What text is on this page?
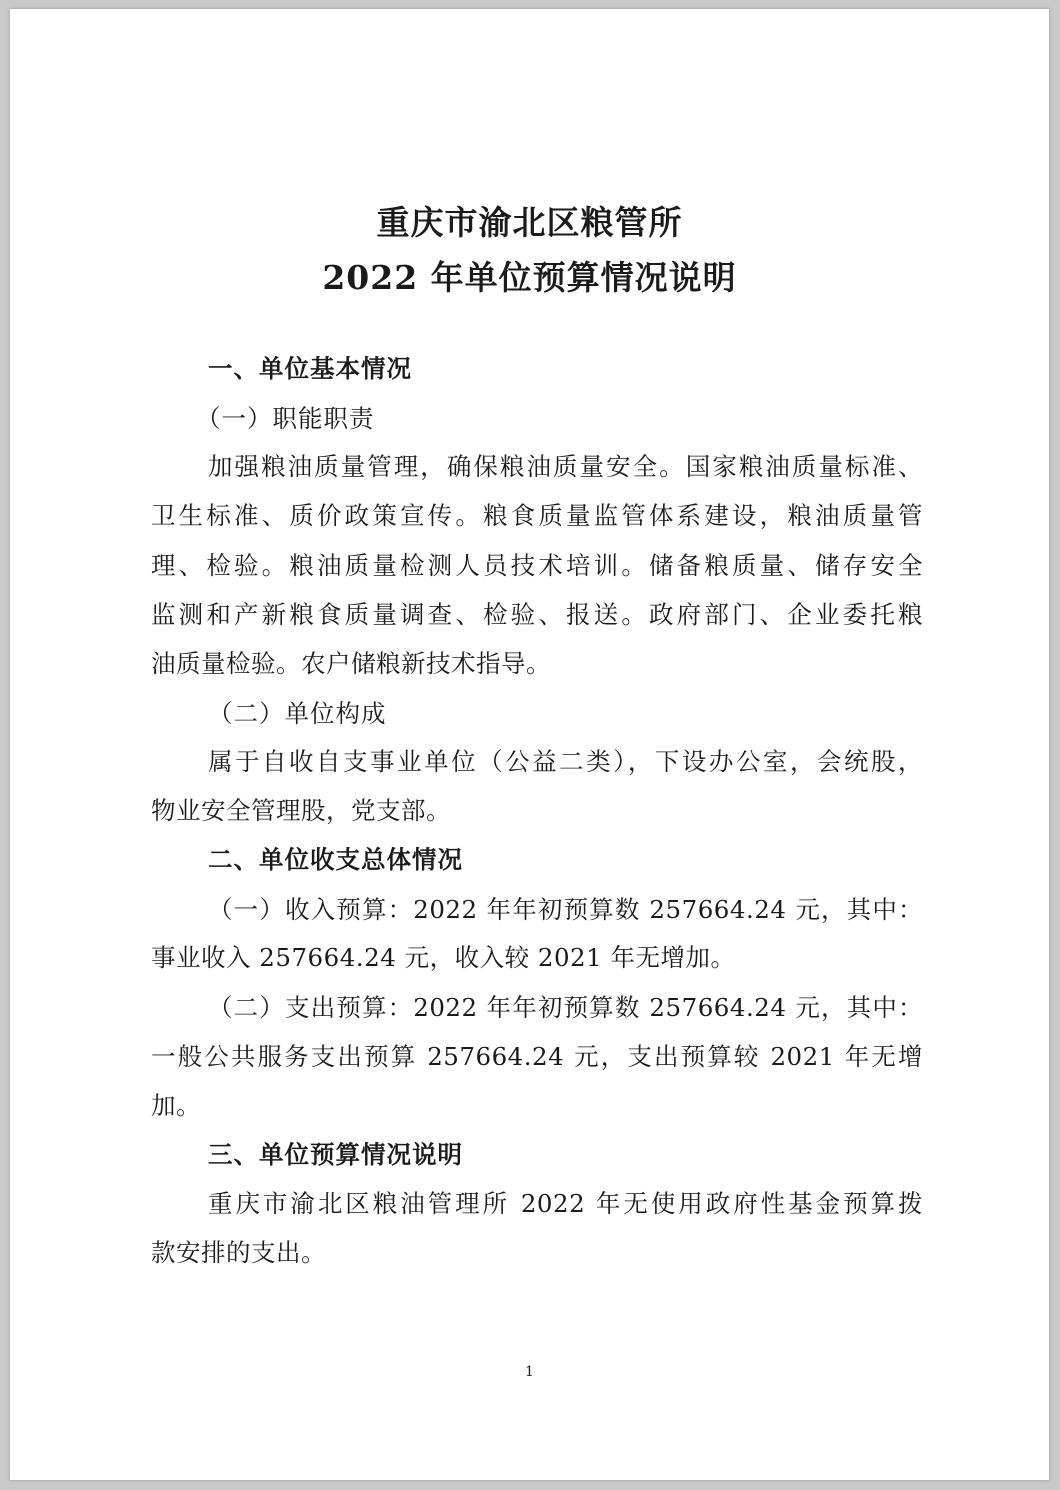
重庆市渝北区粮管所
2022 年单位预算情况说明
一、单位基本情况
（一）职能职责
加强粮油质量管理，确保粮油质量安全。国家粮油质量标准、
卫生标准、质价政策宣传。粮食质量监管体系建设，粮油质量管
理、检验。粮油质量检测人员技术培训。储备粮质量、储存安全
监测和产新粮食质量调查、检验、报送。政府部门、企业委托粮
油质量检验。农户储粮新技术指导。
（二）单位构成
属于自收自支事业单位（公益二类），下设办公室，会统股，
物业安全管理股，党支部。
二、单位收支总体情况
（一）收入预算：2022 年年初预算数 257664.24 元，其中：
事业收入 257664.24 元，收入较 2021 年无增加。
（二）支出预算：2022 年年初预算数 257664.24 元，其中：
一般公共服务支出预算 257664.24 元，支出预算较 2021 年无增
加。
三、单位预算情况说明
重庆市渝北区粮油管理所 2022 年无使用政府性基金预算拨
款安排的支出。
1
